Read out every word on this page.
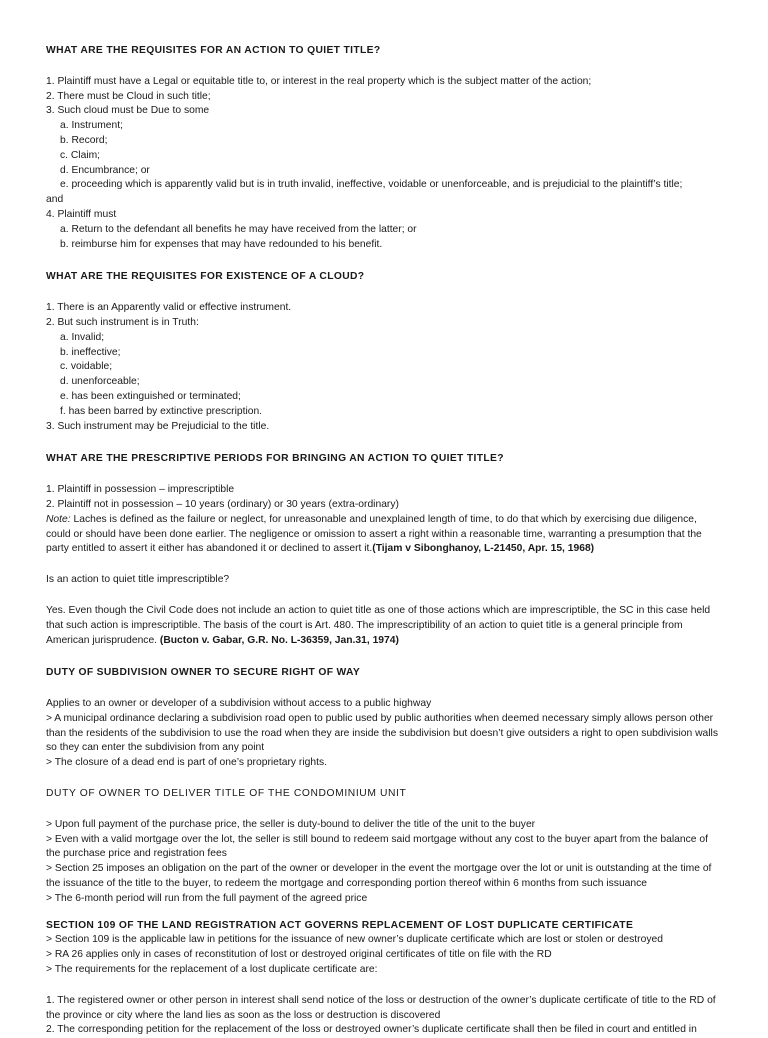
WHAT ARE THE REQUISITES FOR AN ACTION TO QUIET TITLE?

1. Plaintiff must have a Legal or equitable title to, or interest in the real property which is the subject matter of the action;

2. There must be Cloud in such title;

3. Such cloud must be Due to some

a. Instrument;

b. Record;

c. Claim;

d. Encumbrance; or

e. proceeding which is apparently valid but is in truth invalid, ineffective, voidable or unenforceable, and is prejudicial to the plaintiff’s title;

and

4. Plaintiff must

a. Return to the defendant all benefits he may have received from the latter; or

b. reimburse him for expenses that may have redounded to his benefit.

WHAT ARE THE REQUISITES FOR EXISTENCE OF A CLOUD?

1. There is an Apparently valid or effective instrument.

2. But such instrument is in Truth:

a. Invalid;

b. ineffective;

c. voidable;

d. unenforceable;

e. has been extinguished or terminated;

f. has been barred by extinctive prescription.

3. Such instrument may be Prejudicial to the title.

WHAT ARE THE PRESCRIPTIVE PERIODS FOR BRINGING AN ACTION TO QUIET TITLE?

1. Plaintiff in possession – imprescriptible

2. Plaintiff not in possession – 10 years (ordinary) or 30 years (extra-ordinary)

Note: Laches is defined as the failure or neglect, for unreasonable and unexplained length of time, to do that which by exercising due diligence, could or should have been done earlier. The negligence or omission to assert a right within a reasonable time, warranting a presumption that the party entitled to assert it either has abandoned it or declined to assert it.(Tijam v Sibonghanoy, L-21450, Apr. 15, 1968)

Is an action to quiet title imprescriptible?

Yes. Even though the Civil Code does not include an action to quiet title as one of those actions which are imprescriptible, the SC in this case held that such action is imprescriptible. The basis of the court is Art. 480. The imprescriptibility of an action to quiet title is a general principle from American jurisprudence. (Bucton v. Gabar, G.R. No. L-36359, Jan.31, 1974)

DUTY OF SUBDIVISION OWNER TO SECURE RIGHT OF WAY

Applies to an owner or developer of a subdivision without access to a public highway

> A municipal ordinance declaring a subdivision road open to public used by public authorities when deemed necessary simply allows person other than the residents of the subdivision to use the road when they are inside the subdivision but doesn’t give outsiders a right to open subdivision walls so they can enter the subdivision from any point

> The closure of a dead end is part of one’s proprietary rights.

DUTY OF OWNER TO DELIVER TITLE OF THE CONDOMINIUM UNIT

> Upon full payment of the purchase price, the seller is duty-bound to deliver the title of the unit to the buyer

> Even with a valid mortgage over the lot, the seller is still bound to redeem said mortgage without any cost to the buyer apart from the balance of the purchase price and registration fees

> Section 25 imposes an obligation on the part of the owner or developer in the event the mortgage over the lot or unit is outstanding at the time of the issuance of the title to the buyer, to redeem the mortgage and corresponding portion thereof within 6 months from such issuance

> The 6-month period will run from the full payment of the agreed price

SECTION 109 OF THE LAND REGISTRATION ACT GOVERNS REPLACEMENT OF LOST DUPLICATE CERTIFICATE

> Section 109 is the applicable law in petitions for the issuance of new owner’s duplicate certificate which are lost or stolen or destroyed

> RA 26 applies only in cases of reconstitution of lost or destroyed original certificates of title on file with the RD

> The requirements for the replacement of a lost duplicate certificate are:

1. The registered owner or other person in interest shall send notice of the loss or destruction of the owner’s duplicate certificate of title to the RD of the province or city where the land lies as soon as the loss or destruction is discovered

2. The corresponding petition for the replacement of the loss or destroyed owner’s duplicate certificate shall then be filed in court and entitled in
